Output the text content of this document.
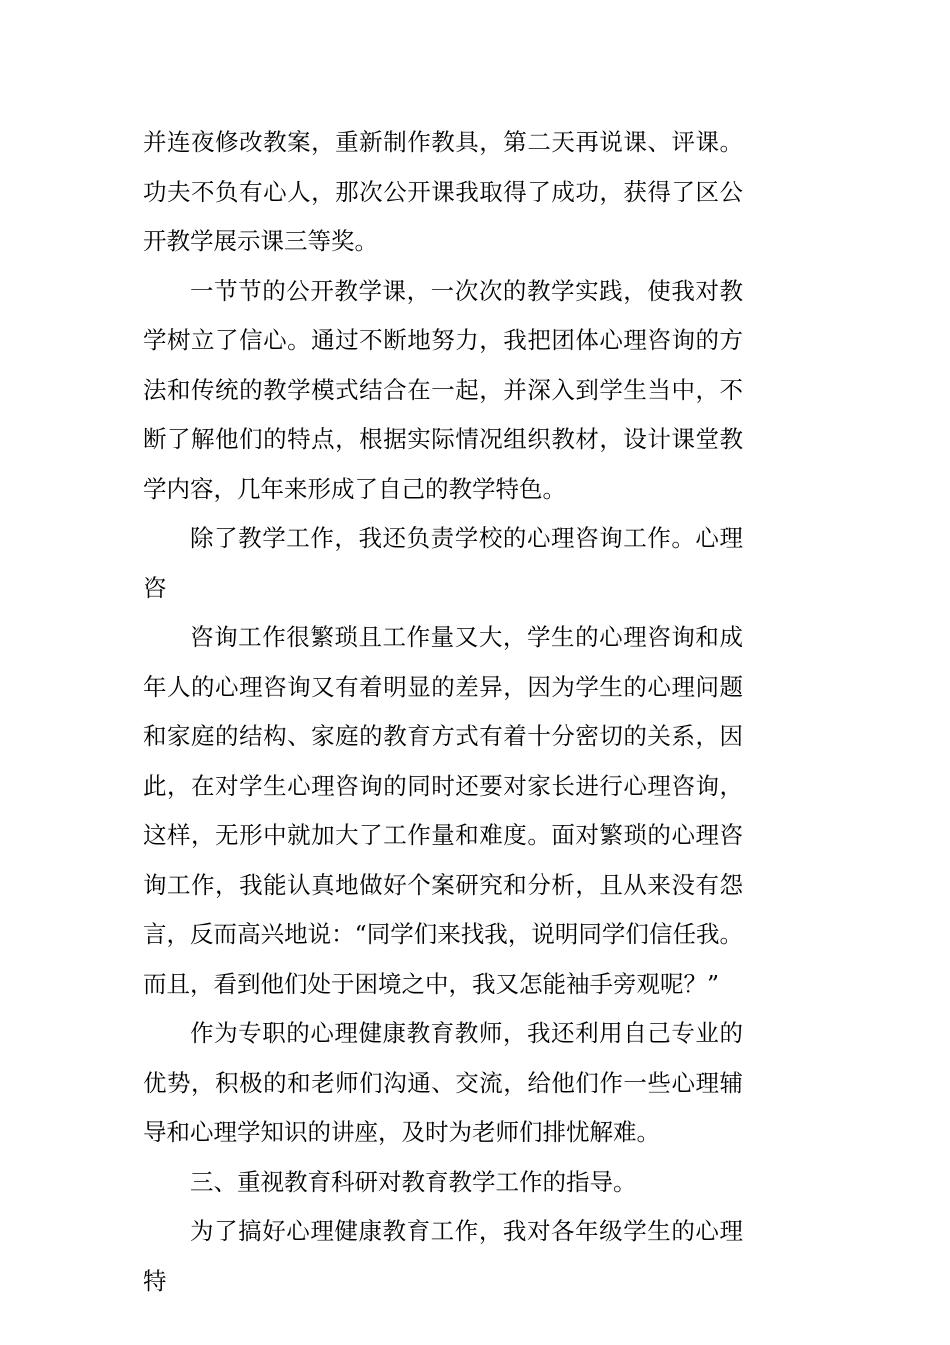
并连夜修改教案，重新制作教具，第二天再说课、评课。功夫不负有心人，那次公开课我取得了成功，获得了区公开教学展示课三等奖。

一节节的公开教学课，一次次的教学实践，使我对教学树立了信心。通过不断地努力，我把团体心理咨询的方法和传统的教学模式结合在一起，并深入到学生当中，不断了解他们的特点，根据实际情况组织教材，设计课堂教学内容，几年来形成了自己的教学特色。

除了教学工作，我还负责学校的心理咨询工作。心理咨

咨询工作很繁琐且工作量又大，学生的心理咨询和成年人的心理咨询又有着明显的差异，因为学生的心理问题和家庭的结构、家庭的教育方式有着十分密切的关系，因此，在对学生心理咨询的同时还要对家长进行心理咨询，这样，无形中就加大了工作量和难度。面对繁琐的心理咨询工作，我能认真地做好个案研究和分析，且从来没有怨言，反而高兴地说：“同学们来找我，说明同学们信任我。而且，看到他们处于困境之中，我又怎能袖手旁观呢？”

作为专职的心理健康教育教师，我还利用自己专业的优势，积极的和老师们沟通、交流，给他们作一些心理辅导和心理学知识的讲座，及时为老师们排忧解难。

三、重视教育科研对教育教学工作的指导。

为了搞好心理健康教育工作，我对各年级学生的心理特
